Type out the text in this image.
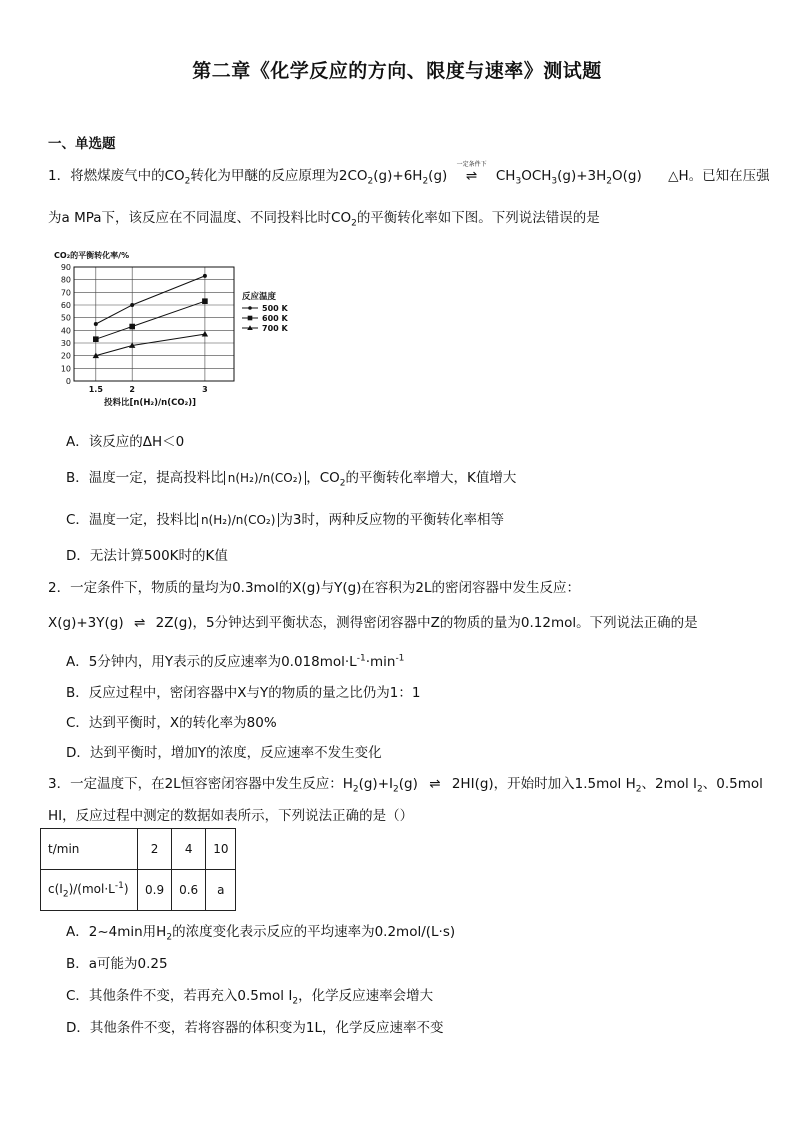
第二章《化学反应的方向、限度与速率》测试题
一、单选题
1．将燃煤废气中的$CO_2$转化为甲醚的反应原理为$2CO_2(g)+6H_2(g)$
一定条件下
⇌ $CH_3OCH_3(g)+3H_2O(g)$ △H。已知在压强
为a MPa下，该反应在不同温度、不同投料比时$CO_2$的平衡转化率如下图。下列说法错误的是
0
10
20
30
40
50
60
70
80
90
1.5	2	3
CO₂的平衡转化率/%
投料比[n(H₂)/n(CO₂)]
反应温度
500 K
600 K
700 K
A．该反应的ΔH＜0
B．温度一定，提高投料比 n(H₂)/n(CO₂) ，$CO_2$的平衡转化率增大，K值增大
C．温度一定，投料比 n(H₂)/n(CO₂) 为3时，两种反应物的平衡转化率相等
D．无法计算500K时的K值
2．一定条件下，物质的量均为0.3mol的X(g)与Y(g)在容积为2L的密闭容器中发生反应：
X(g)+3Y(g) ⇌ 2Z(g)，5分钟达到平衡状态，测得密闭容器中Z的物质的量为0.12mol。下列说法正确的是
A．5分钟内，用Y表示的反应速率为$0.018mol\cdot L^{-1}\cdot\min^{-1}$
B．反应过程中，密闭容器中X与Y的物质的量之比仍为1：1
C．达到平衡时，X的转化率为80%
D．达到平衡时，增加Y的浓度，反应速率不发生变化
3．一定温度下，在2L恒容密闭容器中发生反应：$H_2(g)+I_2(g)$ ⇌ 2HI(g)，开始时加入1.5mol $H_2$、2mol $I_2$、0.5mol
HI，反应过程中测定的数据如表所示，下列说法正确的是（）
t/min	2	4	10
$c(I_2)/(mol\cdot L^{-1})$	0.9	0.6	a
A．2~4min用$H_2$的浓度变化表示反应的平均速率为0.2mol/(L·s)
B．a可能为0.25
C．其他条件不变，若再充入0.5mol $I_2$，化学反应速率会增大
D．其他条件不变，若将容器的体积变为1L，化学反应速率不变
